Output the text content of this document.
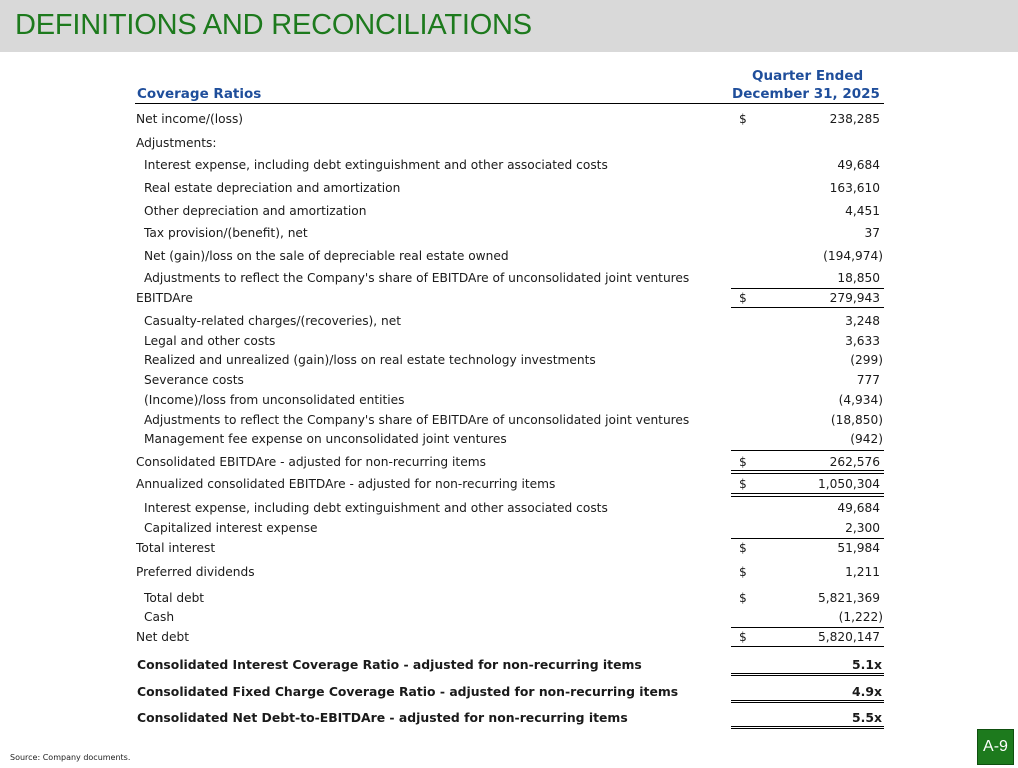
DEFINITIONS AND RECONCILIATIONS
Coverage Ratios
Quarter Ended
December 31, 2025
Net income/(loss)	$	238,285
Adjustments:
Interest expense, including debt extinguishment and other associated costs	49,684
Real estate depreciation and amortization	163,610
Other depreciation and amortization	4,451
Tax provision/(benefit), net	37
Net (gain)/loss on the sale of depreciable real estate owned	(194,974)
Adjustments to reflect the Company's share of EBITDAre of unconsolidated joint ventures	18,850
EBITDAre	$	279,943
Casualty-related charges/(recoveries), net	3,248
Legal and other costs	3,633
Realized and unrealized (gain)/loss on real estate technology investments	(299)
Severance costs	777
(Income)/loss from unconsolidated entities	(4,934)
Adjustments to reflect the Company's share of EBITDAre of unconsolidated joint ventures	(18,850)
Management fee expense on unconsolidated joint ventures	(942)
Consolidated EBITDAre - adjusted for non-recurring items	$	262,576
Annualized consolidated EBITDAre - adjusted for non-recurring items	$	1,050,304
Interest expense, including debt extinguishment and other associated costs	49,684
Capitalized interest expense	2,300
Total interest	$	51,984
Preferred dividends	$	1,211
Total debt	$	5,821,369
Cash	(1,222)
Net debt	$	5,820,147
Consolidated Interest Coverage Ratio - adjusted for non-recurring items	5.1x
Consolidated Fixed Charge Coverage Ratio - adjusted for non-recurring items	4.9x
Consolidated Net Debt-to-EBITDAre - adjusted for non-recurring items	5.5x
Source: Company documents.
A-9
